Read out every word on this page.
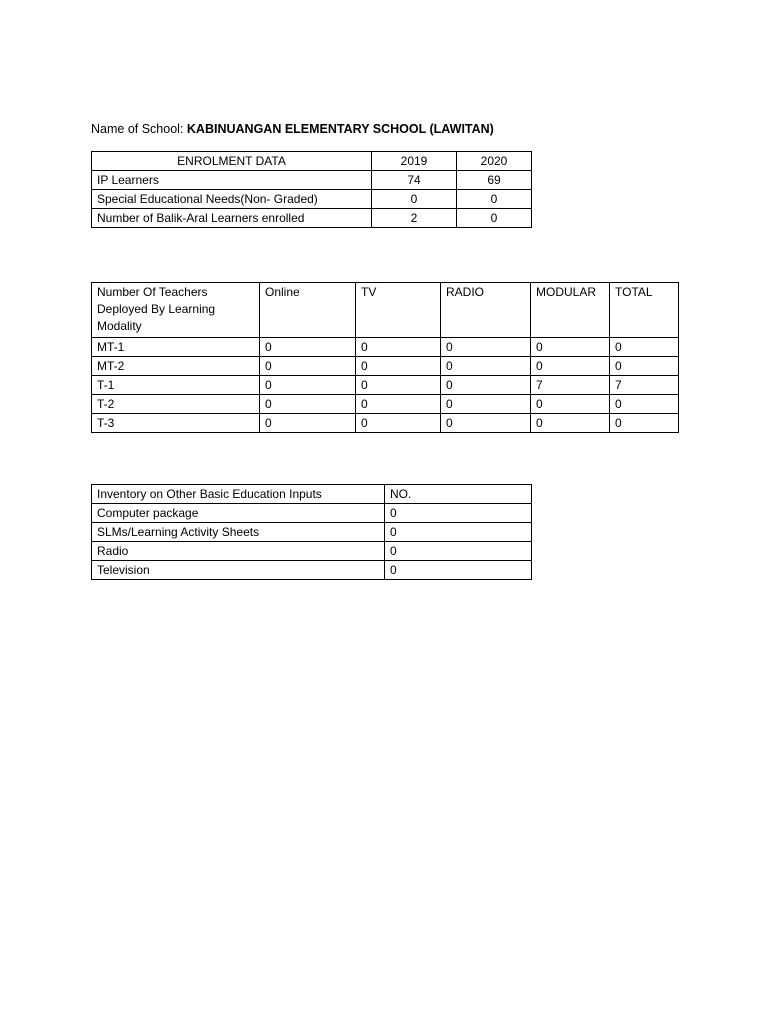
Name of School: KABINUANGAN ELEMENTARY SCHOOL (LAWITAN)
ENROLMENT DATA	2019	2020
IP Learners	74	69
Special Educational Needs(Non- Graded)	0	0
Number of Balik-Aral Learners enrolled	2	0
Number Of Teachers Deployed By Learning Modality	Online	TV	RADIO	MODULAR	TOTAL
MT-1	0	0	0	0	0
MT-2	0	0	0	0	0
T-1	0	0	0	7	7
T-2	0	0	0	0	0
T-3	0	0	0	0	0
Inventory on Other Basic Education Inputs	NO.
Computer package	0
SLMs/Learning Activity Sheets	0
Radio	0
Television	0
